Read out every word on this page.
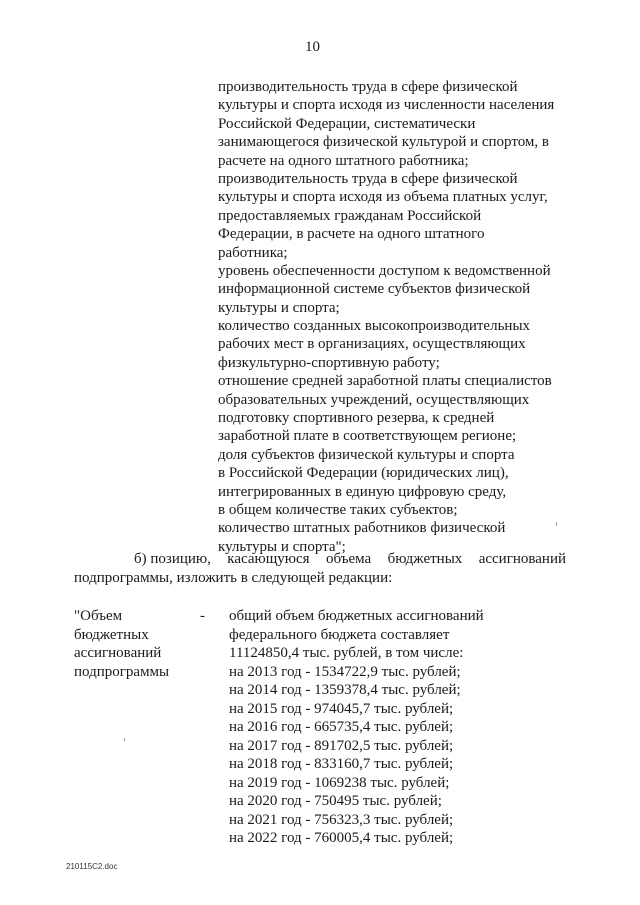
10
производительность труда в сфере физической
культуры и спорта исходя из численности населения
Российской Федерации, систематически
занимающегося физической культурой и спортом, в
расчете на одного штатного работника;
производительность труда в сфере физической
культуры и спорта исходя из объема платных услуг,
предоставляемых гражданам Российской
Федерации, в расчете на одного штатного
работника;
уровень обеспеченности доступом к ведомственной
информационной системе субъектов физической
культуры и спорта;
количество созданных высокопроизводительных
рабочих мест в организациях, осуществляющих
физкультурно-спортивную работу;
отношение средней заработной платы специалистов
образовательных учреждений, осуществляющих
подготовку спортивного резерва, к средней
заработной плате в соответствующем регионе;
доля субъектов физической культуры и спорта
в Российской Федерации (юридических лиц),
интегрированных в единую цифровую среду,
в общем количестве таких субъектов;
количество штатных работников физической
культуры и спорта";
б) позицию, касающуюся объема бюджетных ассигнований
подпрограммы, изложить в следующей редакции:
"Объем
бюджетных
ассигнований
подпрограммы
- общий объем бюджетных ассигнований
федерального бюджета составляет
11124850,4 тыс. рублей, в том числе:
на 2013 год - 1534722,9 тыс. рублей;
на 2014 год - 1359378,4 тыс. рублей;
на 2015 год - 974045,7 тыс. рублей;
на 2016 год - 665735,4 тыс. рублей;
на 2017 год - 891702,5 тыс. рублей;
на 2018 год - 833160,7 тыс. рублей;
на 2019 год - 1069238 тыс. рублей;
на 2020 год - 750495 тыс. рублей;
на 2021 год - 756323,3 тыс. рублей;
на 2022 год - 760005,4 тыс. рублей;
210115С2.doc
